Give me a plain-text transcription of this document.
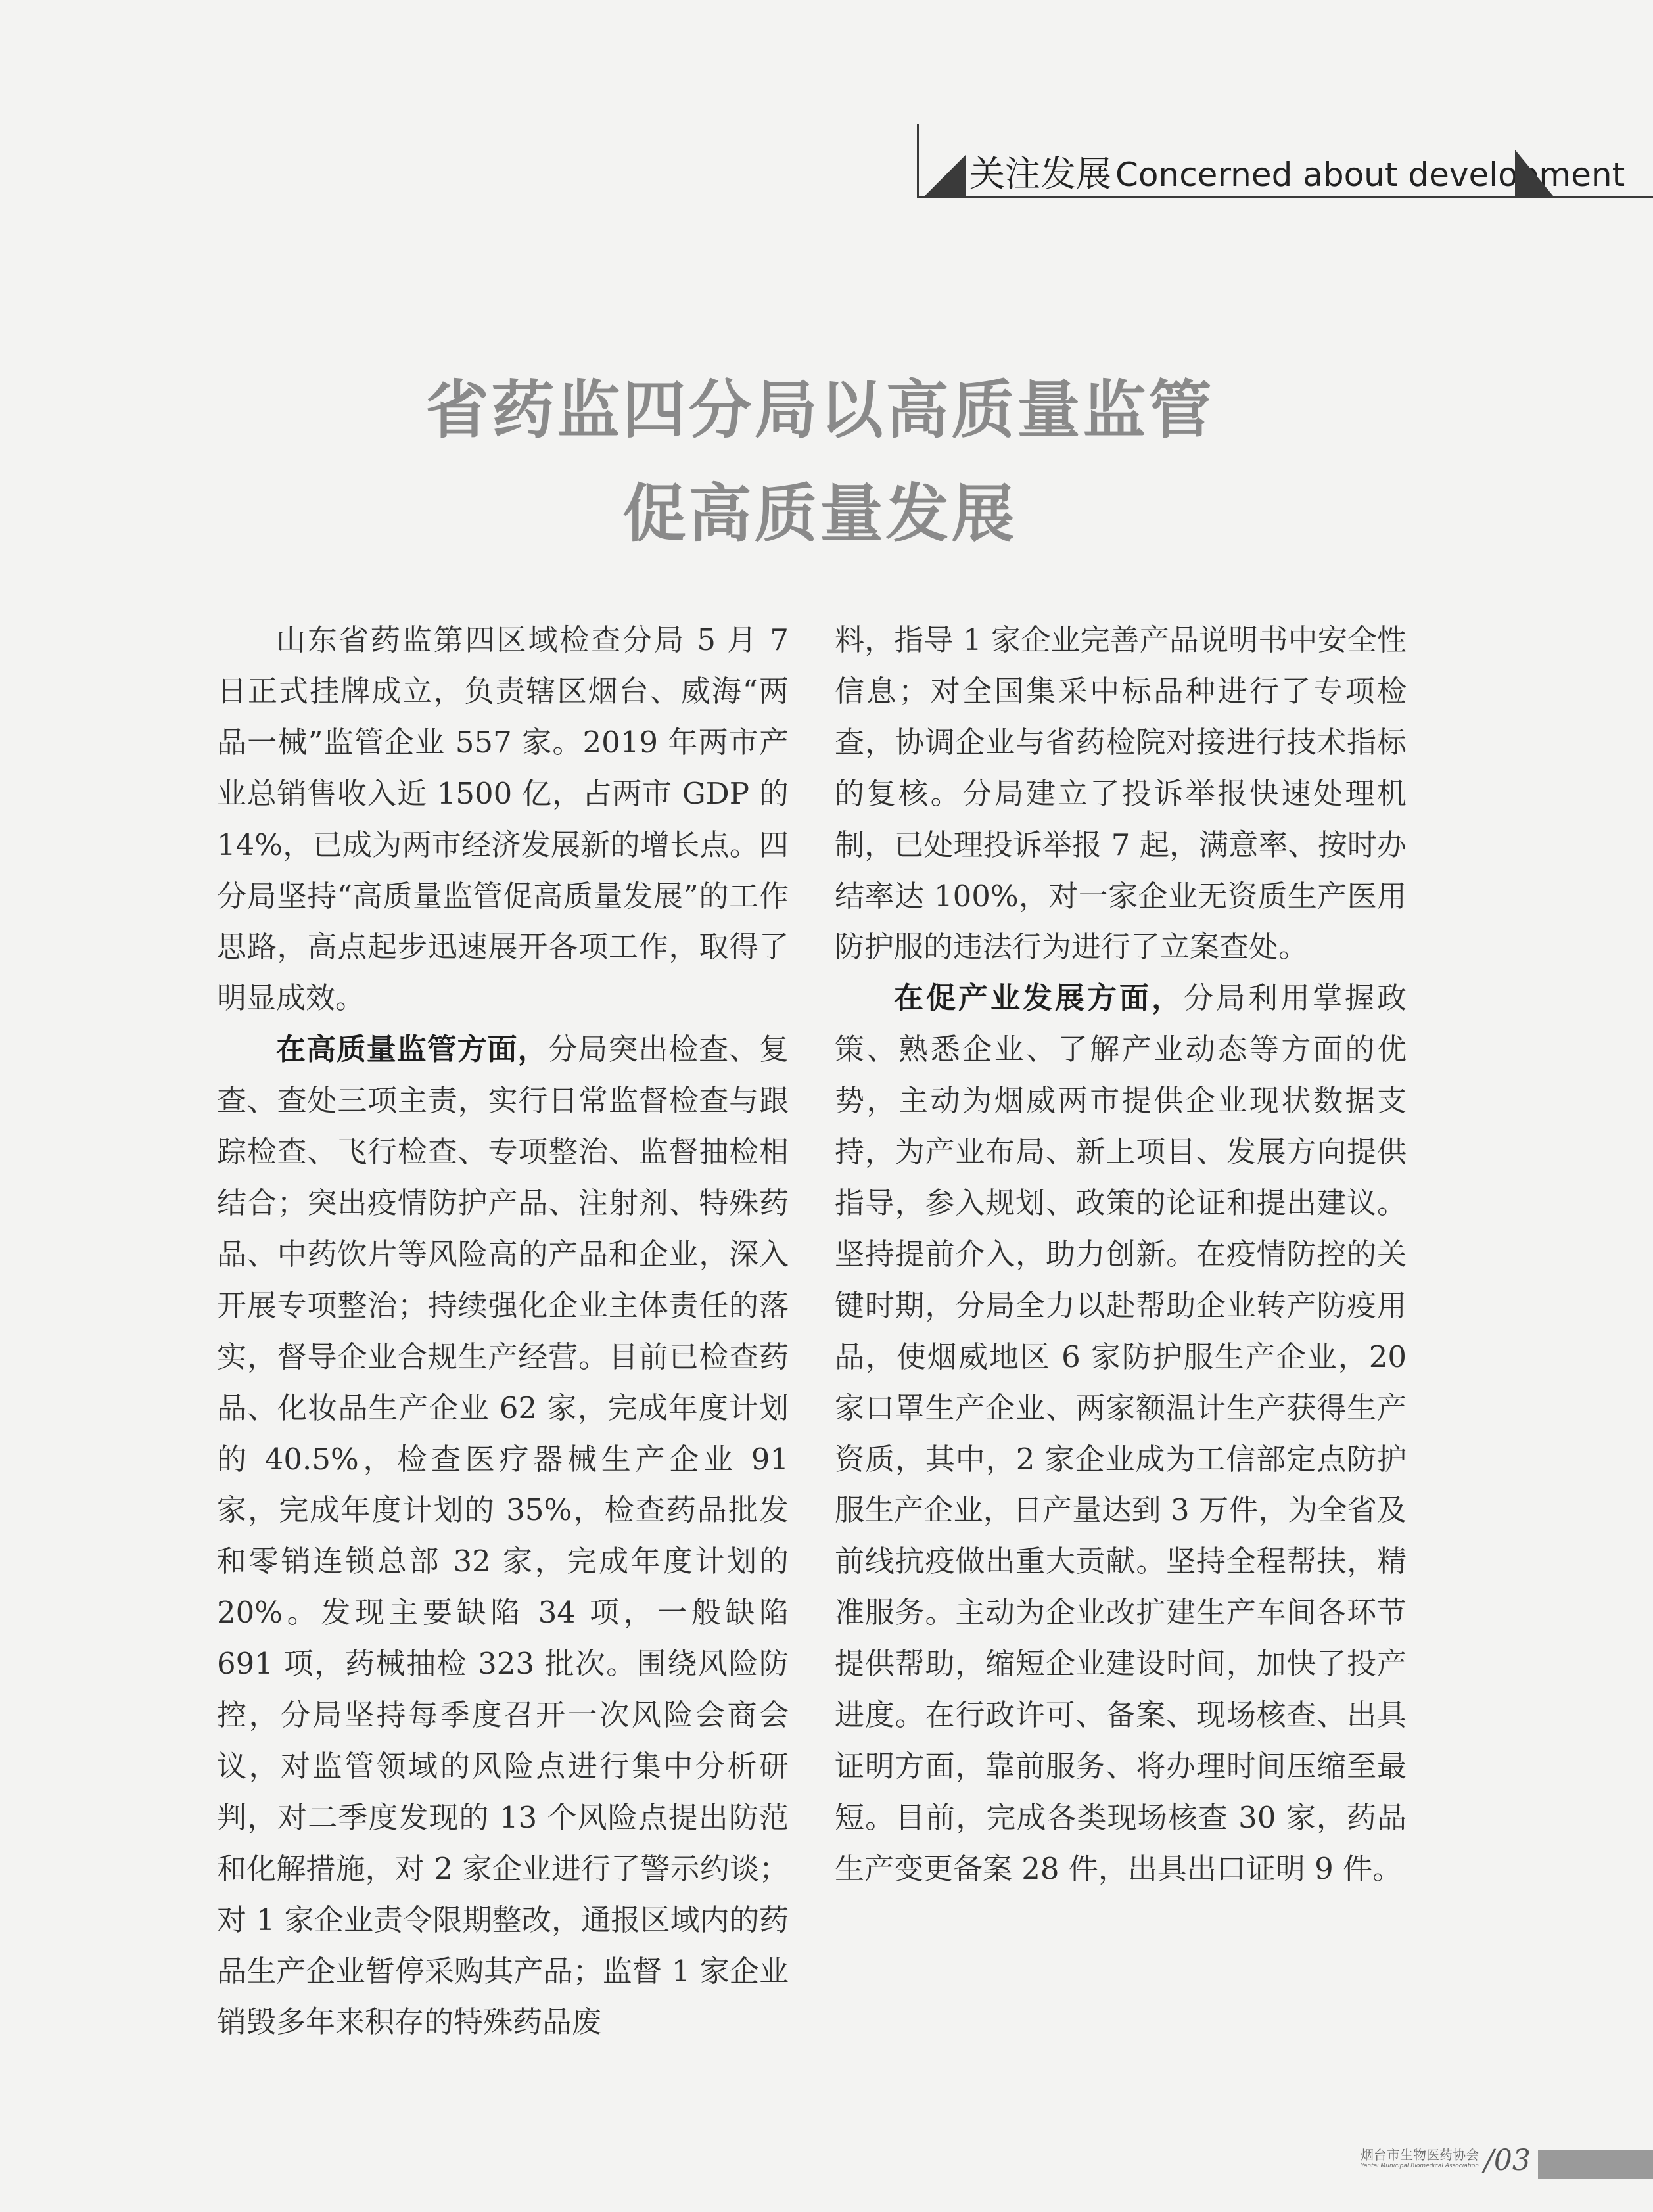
关注发展 Concerned about development
省药监四分局以高质量监管
促高质量发展

山东省药监第四区域检查分局 5 月 7 日正式挂牌成立，负责辖区烟台、威海“两品一械”监管企业 557 家。2019 年两市产业总销售收入近 1500 亿，占两市 GDP 的 14%，已成为两市经济发展新的增长点。四分局坚持“高质量监管促高质量发展”的工作思路，高点起步迅速展开各项工作，取得了明显成效。

在高质量监管方面，分局突出检查、复查、查处三项主责，实行日常监督检查与跟踪检查、飞行检查、专项整治、监督抽检相结合；突出疫情防护产品、注射剂、特殊药品、中药饮片等风险高的产品和企业，深入开展专项整治；持续强化企业主体责任的落实，督导企业合规生产经营。目前已检查药品、化妆品生产企业 62 家，完成年度计划的 40.5%，检查医疗器械生产企业 91 家，完成年度计划的 35%，检查药品批发和零销连锁总部 32 家，完成年度计划的 20%。发现主要缺陷 34 项，一般缺陷 691 项，药械抽检 323 批次。围绕风险防控，分局坚持每季度召开一次风险会商会议，对监管领域的风险点进行集中分析研判，对二季度发现的 13 个风险点提出防范和化解措施，对 2 家企业进行了警示约谈；对 1 家企业责令限期整改，通报区域内的药品生产企业暂停采购其产品；监督 1 家企业销毁多年来积存的特殊药品废

料，指导 1 家企业完善产品说明书中安全性信息；对全国集采中标品种进行了专项检查，协调企业与省药检院对接进行技术指标的复核。分局建立了投诉举报快速处理机制，已处理投诉举报 7 起，满意率、按时办结率达 100%，对一家企业无资质生产医用防护服的违法行为进行了立案查处。

在促产业发展方面，分局利用掌握政策、熟悉企业、了解产业动态等方面的优势，主动为烟威两市提供企业现状数据支持，为产业布局、新上项目、发展方向提供指导，参入规划、政策的论证和提出建议。坚持提前介入，助力创新。在疫情防控的关键时期，分局全力以赴帮助企业转产防疫用品，使烟威地区 6 家防护服生产企业，20 家口罩生产企业、两家额温计生产获得生产资质，其中，2 家企业成为工信部定点防护服生产企业，日产量达到 3 万件，为全省及前线抗疫做出重大贡献。坚持全程帮扶，精准服务。主动为企业改扩建生产车间各环节提供帮助，缩短企业建设时间，加快了投产进度。在行政许可、备案、现场核查、出具证明方面，靠前服务、将办理时间压缩至最短。目前，完成各类现场核查 30 家，药品生产变更备案 28 件，出具出口证明 9 件。

烟台市生物医药协会
Yantai Municipal Biomedical Association /03
